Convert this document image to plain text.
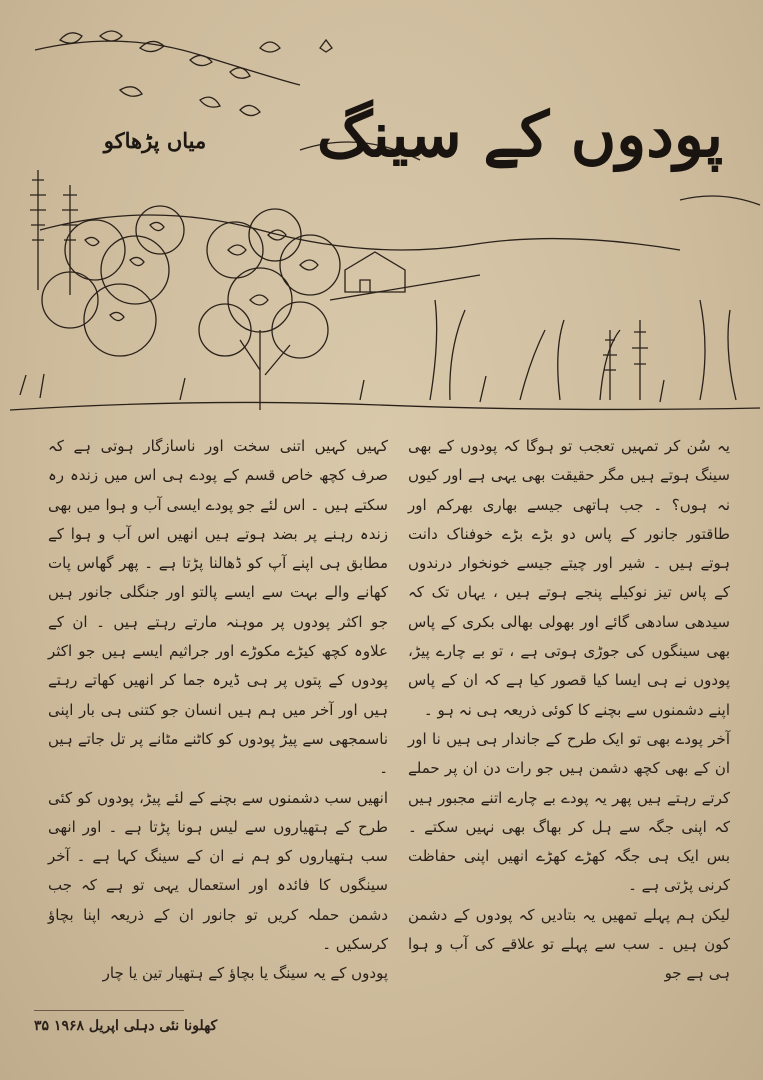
پودوں کے سینگ
میاں پڑھاکو

یہ سُن کر تمہیں تعجب تو ہوگا کہ پودوں کے بھی سینگ ہوتے ہیں مگر حقیقت بھی یہی ہے اور کیوں نہ ہوں؟ ۔ جب ہاتھی جیسے بھاری بھرکم اور طاقتور جانور کے پاس دو بڑے بڑے خوفناک دانت ہوتے ہیں ۔ شیر اور چیتے جیسے خونخوار درندوں کے پاس تیز نوکیلے پنجے ہوتے ہیں ، یہاں تک کہ سیدھی سادھی گائے اور بھولی بھالی بکری کے پاس بھی سینگوں کی جوڑی ہوتی ہے ، تو بے چارے پیڑ، پودوں نے ہی ایسا کیا قصور کیا ہے کہ ان کے پاس اپنے دشمنوں سے بچنے کا کوئی ذریعہ ہی نہ ہو ۔

آخر پودے بھی تو ایک طرح کے جاندار ہی ہیں نا اور ان کے بھی کچھ دشمن ہیں جو رات دن ان پر حملے کرتے رہتے ہیں پھر یہ پودے بے چارے اتنے مجبور ہیں کہ اپنی جگہ سے ہل کر بھاگ بھی نہیں سکتے ۔ بس ایک ہی جگہ کھڑے کھڑے انھیں اپنی حفاظت کرنی پڑتی ہے ۔

لیکن ہم پہلے تمھیں یہ بتادیں کہ پودوں کے دشمن کون ہیں ۔ سب سے پہلے تو علاقے کی آب و ہوا ہی ہے جو

کہیں کہیں اتنی سخت اور ناسازگار ہوتی ہے کہ صرف کچھ خاص قسم کے پودے ہی اس میں زندہ رہ سکتے ہیں ۔ اس لئے جو پودے ایسی آب و ہوا میں بھی زندہ رہنے پر بضد ہوتے ہیں انھیں اس آب و ہوا کے مطابق ہی اپنے آپ کو ڈھالنا پڑتا ہے ۔ پھر گھاس پات کھانے والے بہت سے ایسے پالتو اور جنگلی جانور ہیں جو اکثر پودوں پر موہنہ مارتے رہتے ہیں ۔ ان کے علاوہ کچھ کیڑے مکوڑے اور جراثیم ایسے ہیں جو اکثر پودوں کے پتوں پر ہی ڈیرہ جما کر انھیں کھاتے رہتے ہیں اور آخر میں ہم ہیں انسان جو کتنی ہی بار اپنی ناسمجھی سے پیڑ پودوں کو کاٹنے مٹانے پر تل جاتے ہیں ۔

انھیں سب دشمنوں سے بچنے کے لئے پیڑ، پودوں کو کئی طرح کے ہتھیاروں سے لیس ہونا پڑتا ہے ۔ اور انھی سب ہتھیاروں کو ہم نے ان کے سینگ کہا ہے ۔ آخر سینگوں کا فائدہ اور استعمال یہی تو ہے کہ جب دشمن حملہ کریں تو جانور ان کے ذریعہ اپنا بچاؤ کرسکیں ۔

پودوں کے یہ سینگ یا بچاؤ کے ہتھیار تین یا چار

کھلونا نئی دہلی اپریل ۱۹۶۸ ۳۵
